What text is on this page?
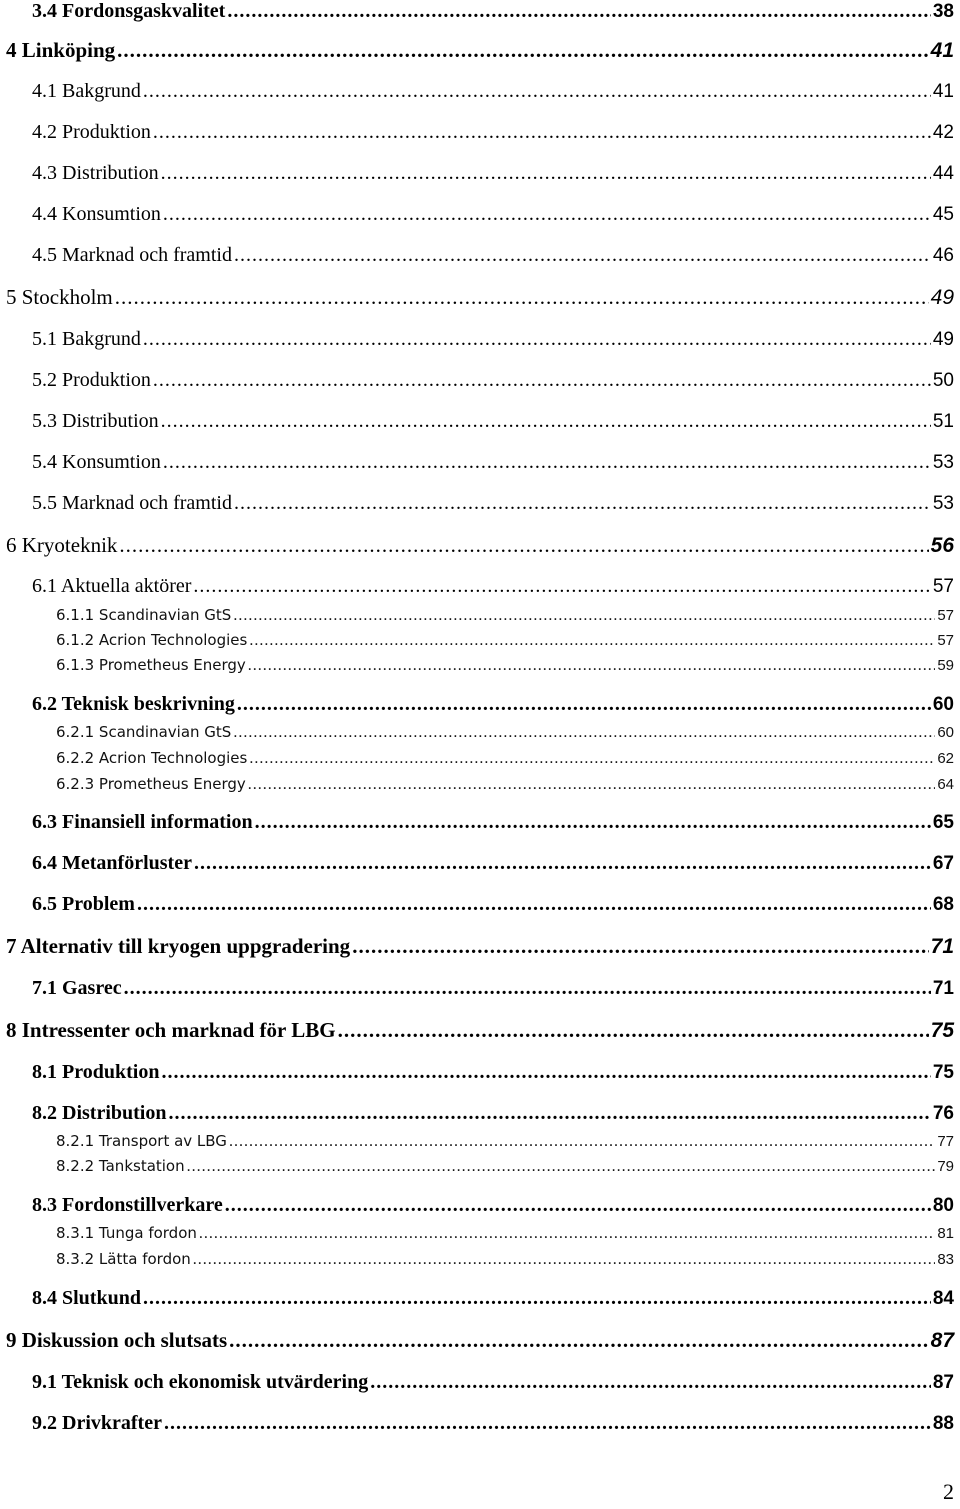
3.4 Fordonsgaskvalitet .....	38
4 Linköping .....	41
4.1 Bakgrund .....	41
4.2 Produktion .....	42
4.3 Distribution .....	44
4.4 Konsumtion .....	45
4.5 Marknad och framtid .....	46
5 Stockholm .....	49
5.1 Bakgrund .....	49
5.2 Produktion .....	50
5.3 Distribution .....	51
5.4 Konsumtion .....	53
5.5 Marknad och framtid .....	53
6 Kryoteknik .....	56
6.1 Aktuella aktörer .....	57
6.1.1 Scandinavian GtS .....	57
6.1.2 Acrion Technologies .....	57
6.1.3 Prometheus Energy .....	59
6.2 Teknisk beskrivning .....	60
6.2.1 Scandinavian GtS .....	60
6.2.2 Acrion Technologies .....	62
6.2.3 Prometheus Energy .....	64
6.3 Finansiell information .....	65
6.4 Metanförluster .....	67
6.5 Problem .....	68
7 Alternativ till kryogen uppgradering .....	71
7.1 Gasrec .....	71
8 Intressenter och marknad för LBG .....	75
8.1 Produktion .....	75
8.2 Distribution .....	76
8.2.1 Transport av LBG .....	77
8.2.2 Tankstation .....	79
8.3 Fordonstillverkare .....	80
8.3.1 Tunga fordon .....	81
8.3.2 Lätta fordon .....	83
8.4 Slutkund .....	84
9 Diskussion och slutsats .....	87
9.1 Teknisk och ekonomisk utvärdering .....	87
9.2 Drivkrafter .....	88
2
